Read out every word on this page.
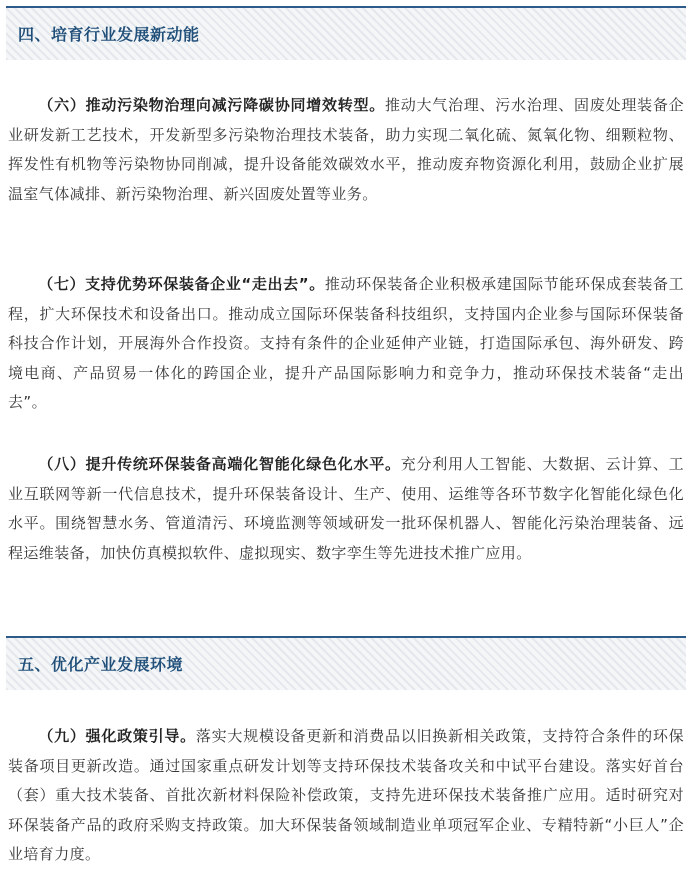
四、培育行业发展新动能

（六）推动污染物治理向减污降碳协同增效转型。推动大气治理、污水治理、固废处理装备企业研发新工艺技术，开发新型多污染物治理技术装备，助力实现二氧化硫、氮氧化物、细颗粒物、挥发性有机物等污染物协同削减，提升设备能效碳效水平，推动废弃物资源化利用，鼓励企业扩展温室气体减排、新污染物治理、新兴固废处置等业务。

（七）支持优势环保装备企业“走出去”。推动环保装备企业积极承建国际节能环保成套装备工程，扩大环保技术和设备出口。推动成立国际环保装备科技组织，支持国内企业参与国际环保装备科技合作计划，开展海外合作投资。支持有条件的企业延伸产业链，打造国际承包、海外研发、跨境电商、产品贸易一体化的跨国企业，提升产品国际影响力和竞争力，推动环保技术装备“走出去”。

（八）提升传统环保装备高端化智能化绿色化水平。充分利用人工智能、大数据、云计算、工业互联网等新一代信息技术，提升环保装备设计、生产、使用、运维等各环节数字化智能化绿色化水平。围绕智慧水务、管道清污、环境监测等领域研发一批环保机器人、智能化污染治理装备、远程运维装备，加快仿真模拟软件、虚拟现实、数字孪生等先进技术推广应用。

五、优化产业发展环境

（九）强化政策引导。落实大规模设备更新和消费品以旧换新相关政策，支持符合条件的环保装备项目更新改造。通过国家重点研发计划等支持环保技术装备攻关和中试平台建设。落实好首台（套）重大技术装备、首批次新材料保险补偿政策，支持先进环保技术装备推广应用。适时研究对环保装备产品的政府采购支持政策。加大环保装备领域制造业单项冠军企业、专精特新“小巨人”企业培育力度。
